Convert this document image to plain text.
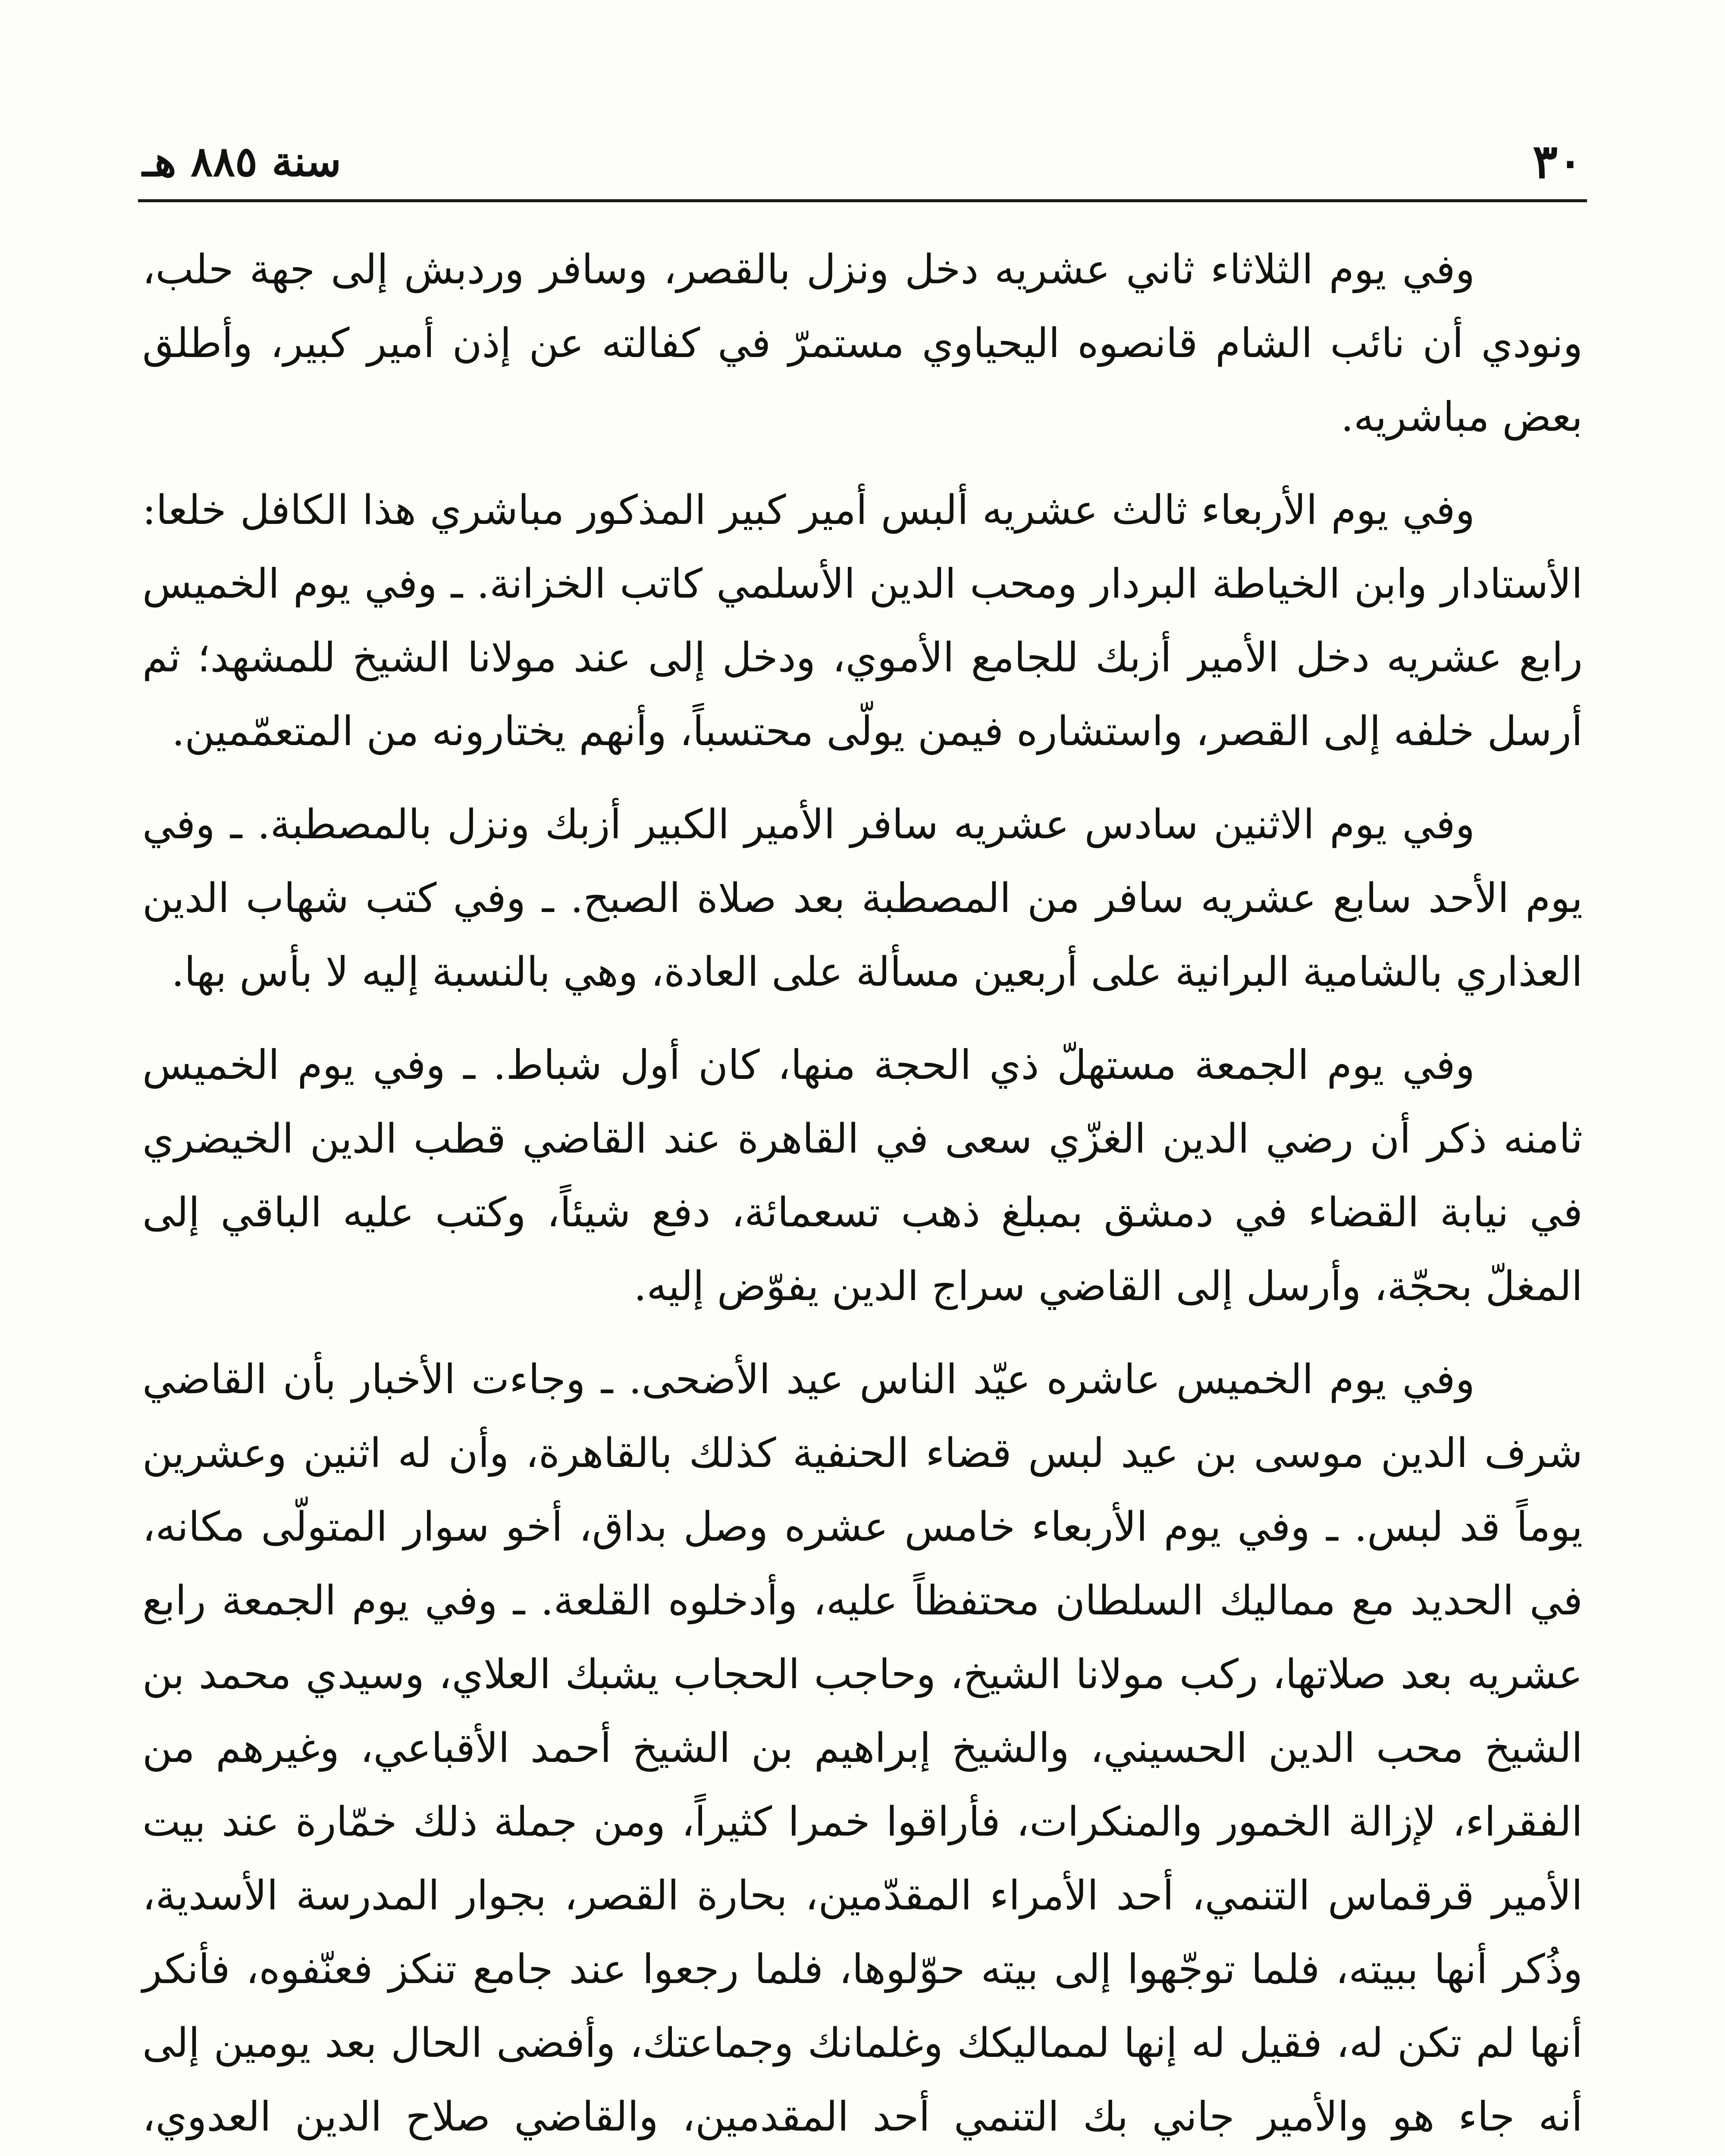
٣٠
سنة ٨٨٥ هـ

وفي يوم الثلاثاء ثاني عشريه دخل ونزل بالقصر، وسافر وردبش إلى جهة حلب، ونودي أن نائب الشام قانصوه اليحياوي مستمرّ في كفالته عن إذن أمير كبير، وأطلق بعض مباشريه.

وفي يوم الأربعاء ثالث عشريه ألبس أمير كبير المذكور مباشري هذا الكافل خلعا: الأستادار وابن الخياطة البردار ومحب الدين الأسلمي كاتب الخزانة. ـ وفي يوم الخميس رابع عشريه دخل الأمير أزبك للجامع الأموي، ودخل إلى عند مولانا الشيخ للمشهد؛ ثم أرسل خلفه إلى القصر، واستشاره فيمن يولّى محتسباً، وأنهم يختارونه من المتعمّمين.

وفي يوم الاثنين سادس عشريه سافر الأمير الكبير أزبك ونزل بالمصطبة. ـ وفي يوم الأحد سابع عشريه سافر من المصطبة بعد صلاة الصبح. ـ وفي كتب شهاب الدين العذاري بالشامية البرانية على أربعين مسألة على العادة، وهي بالنسبة إليه لا بأس بها.

وفي يوم الجمعة مستهلّ ذي الحجة منها، كان أول شباط. ـ وفي يوم الخميس ثامنه ذكر أن رضي الدين الغزّي سعى في القاهرة عند القاضي قطب الدين الخيضري في نيابة القضاء في دمشق بمبلغ ذهب تسعمائة، دفع شيئاً، وكتب عليه الباقي إلى المغلّ بحجّة، وأرسل إلى القاضي سراج الدين يفوّض إليه.

وفي يوم الخميس عاشره عيّد الناس عيد الأضحى. ـ وجاءت الأخبار بأن القاضي شرف الدين موسى بن عيد لبس قضاء الحنفية كذلك بالقاهرة، وأن له اثنين وعشرين يوماً قد لبس. ـ وفي يوم الأربعاء خامس عشره وصل بداق، أخو سوار المتولّى مكانه، في الحديد مع مماليك السلطان محتفظاً عليه، وأدخلوه القلعة. ـ وفي يوم الجمعة رابع عشريه بعد صلاتها، ركب مولانا الشيخ، وحاجب الحجاب يشبك العلاي، وسيدي محمد بن الشيخ محب الدين الحسيني، والشيخ إبراهيم بن الشيخ أحمد الأقباعي، وغيرهم من الفقراء، لإزالة الخمور والمنكرات، فأراقوا خمرا كثيراً، ومن جملة ذلك خمّارة عند بيت الأمير قرقماس التنمي، أحد الأمراء المقدّمين، بحارة القصر، بجوار المدرسة الأسدية، وذُكر أنها ببيته، فلما توجّهوا إلى بيته حوّلوها، فلما رجعوا عند جامع تنكز فعنّفوه، فأنكر أنها لم تكن له، فقيل له إنها لمماليكك وغلمانك وجماعتك، وأفضى الحال بعد يومين إلى أنه جاء هو والأمير جاني بك التنمي أحد المقدمين، والقاضي صلاح الدين العدوي،
